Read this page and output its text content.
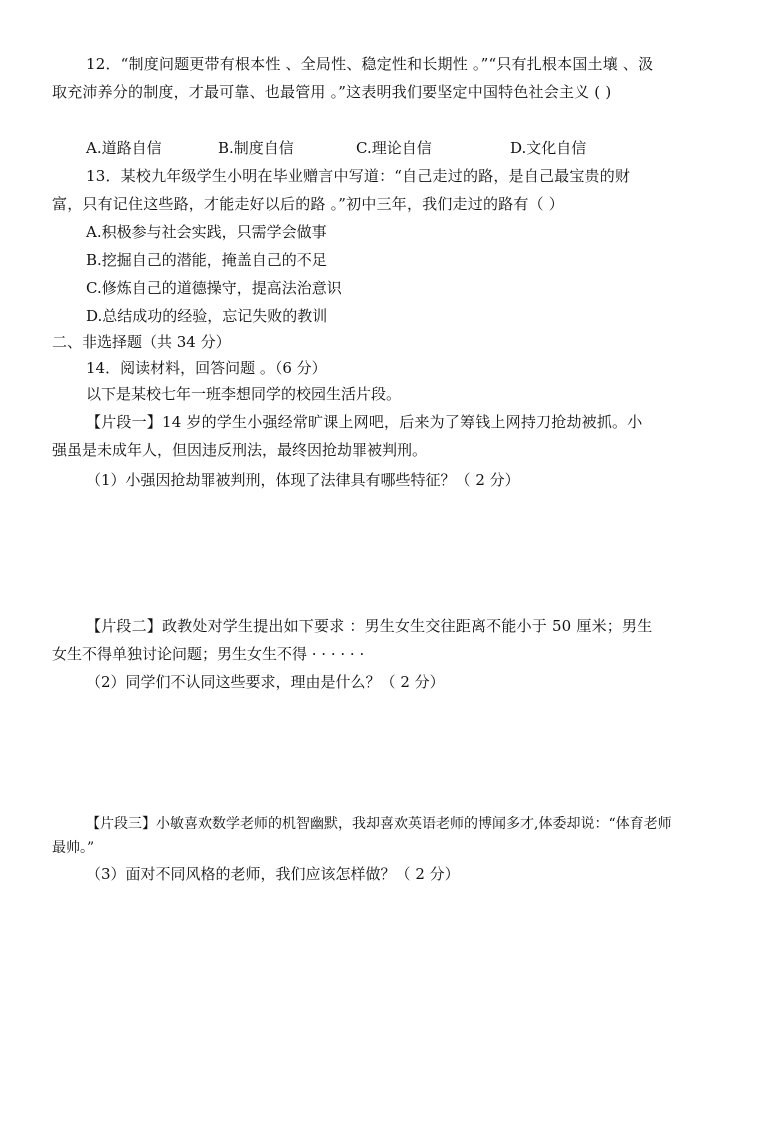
12．“制度问题更带有根本性 、全局性、稳定性和长期性 。”“只有扎根本国土壤 、汲
取充沛养分的制度，才最可靠、也最管用 。”这表明我们要坚定中国特色社会主义 ( )
A.道路自信	B.制度自信	C.理论自信	D.文化自信
13．某校九年级学生小明在毕业赠言中写道：“自己走过的路，是自己最宝贵的财
富，只有记住这些路，才能走好以后的路 。”初中三年，我们走过的路有（ ）
A.积极参与社会实践，只需学会做事
B.挖掘自己的潜能，掩盖自己的不足
C.修炼自己的道德操守，提高法治意识
D.总结成功的经验，忘记失败的教训
二、非选择题（共 34 分）
14．阅读材料，回答问题 。（6 分）
以下是某校七年一班李想同学的校园生活片段。
【片段一】14 岁的学生小强经常旷课上网吧，后来为了筹钱上网持刀抢劫被抓。小
强虽是未成年人，但因违反刑法，最终因抢劫罪被判刑。
（1）小强因抢劫罪被判刑，体现了法律具有哪些特征？（ 2 分）
【片段二】政教处对学生提出如下要求 ：男生女生交往距离不能小于 50 厘米；男生
女生不得单独讨论问题；男生女生不得 · · · · · ·
（2）同学们不认同这些要求，理由是什么？（ 2 分）
【片段三】小敏喜欢数学老师的机智幽默，我却喜欢英语老师的博闻多才,体委却说：“体育老师
最帅。”
（3）面对不同风格的老师，我们应该怎样做？（ 2 分）
